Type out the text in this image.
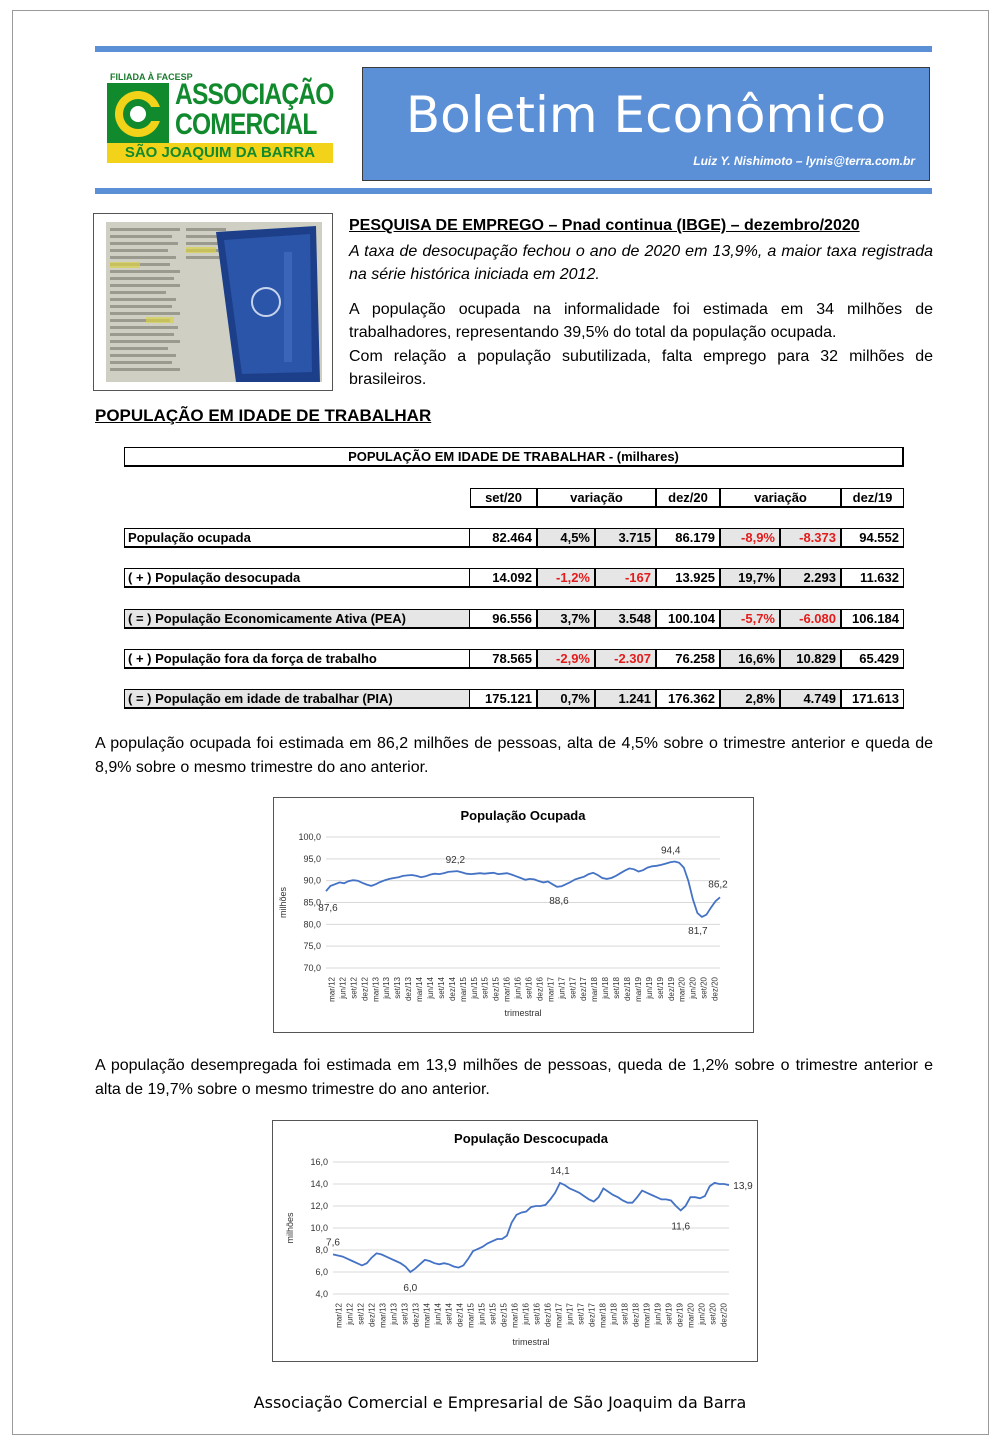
FILIADA À FACESP
ASSOCIAÇÃO
COMERCIAL
SÃO JOAQUIM DA BARRA
Boletim Econômico
Luiz Y. Nishimoto – lynis@terra.com.br
PESQUISA DE EMPREGO – Pnad continua (IBGE) – dezembro/2020
A taxa de desocupação fechou o ano de 2020 em 13,9%, a maior taxa registrada na série histórica iniciada em 2012.
A população ocupada na informalidade foi estimada em 34 milhões de trabalhadores, representando 39,5% do total da população ocupada.
Com relação a população subutilizada, falta emprego para 32 milhões de brasileiros.
POPULAÇÃO EM IDADE DE TRABALHAR
POPULAÇÃO EM IDADE DE TRABALHAR - (milhares)
set/20	variação	dez/20	variação	dez/19
População ocupada	82.464	4,5%	3.715	86.179	-8,9%	-8.373	94.552
( + ) População desocupada	14.092	-1,2%	-167	13.925	19,7%	2.293	11.632
( = ) População Economicamente Ativa (PEA)	96.556	3,7%	3.548	100.104	-5,7%	-6.080	106.184
( + ) População fora da força de trabalho	78.565	-2,9%	-2.307	76.258	16,6%	10.829	65.429
( = ) População em idade de trabalhar (PIA)	175.121	0,7%	1.241	176.362	2,8%	4.749	171.613
A população ocupada foi estimada em 86,2 milhões de pessoas, alta de 4,5% sobre o trimestre anterior e queda de 8,9% sobre o mesmo trimestre do ano anterior.
População Ocupada
70,0
75,0
80,0
85,0
90,0
95,0
100,0
mar/12 jun/12 set/12 dez/12 mar/13 jun/13 set/13 dez/13 mar/14 jun/14 set/14 dez/14 mar/15 jun/15 set/15 dez/15 mar/16 jun/16 set/16 dez/16 mar/17 jun/17 set/17 dez/17 mar/18 jun/18 set/18 dez/18 mar/19 jun/19 set/19 dez/19 mar/20 jun/20 set/20 dez/20
trimestral
milhões	87,6
92,2
88,6
94,4
81,7
86,2
A população desempregada foi estimada em 13,9 milhões de pessoas, queda de 1,2% sobre o trimestre anterior e alta de 19,7% sobre o mesmo trimestre do ano anterior.
População Descocupada
4,0
6,0
8,0
10,0
12,0
14,0
16,0
mar/12 jun/12 set/12 dez/12 mar/13 jun/13 set/13 dez/13 mar/14 jun/14 set/14 dez/14 mar/15 jun/15 set/15 dez/15 mar/16 jun/16 set/16 dez/16 mar/17 jun/17 set/17 dez/17 mar/18 jun/18 set/18 dez/18 mar/19 jun/19 set/19 dez/19 mar/20 jun/20 set/20 dez/20
trimestral
milhões	7,6
6,0
14,1
11,6
13,9
Associação Comercial e Empresarial de São Joaquim da Barra
